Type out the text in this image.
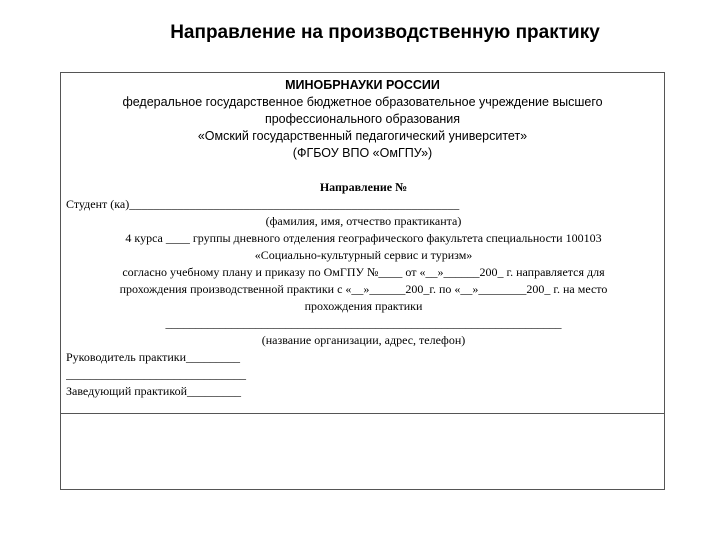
Направление на производственную практику
МИНОБРНАУКИ РОССИИ
федеральное государственное бюджетное образовательное учреждение высшего
профессионального образования
«Омский государственный педагогический университет»
(ФГБОУ ВПО «ОмГПУ»)
Направление №
Студент (ка)_______________________________________________________
(фамилия, имя, отчество практиканта)
4 курса ____ группы дневного отделения географического факультета специальности 100103
«Социально-культурный сервис и туризм»
согласно учебному плану и приказу по ОмГПУ №____ от «__»______200_ г. направляется для
прохождения производственной практики с «__»______200_г. по «__»________200_ г. на место
прохождения практики
__________________________________________________________________
(название организации, адрес, телефон)
Руководитель практики_________
______________________________
Заведующий практикой_________
______________________________
